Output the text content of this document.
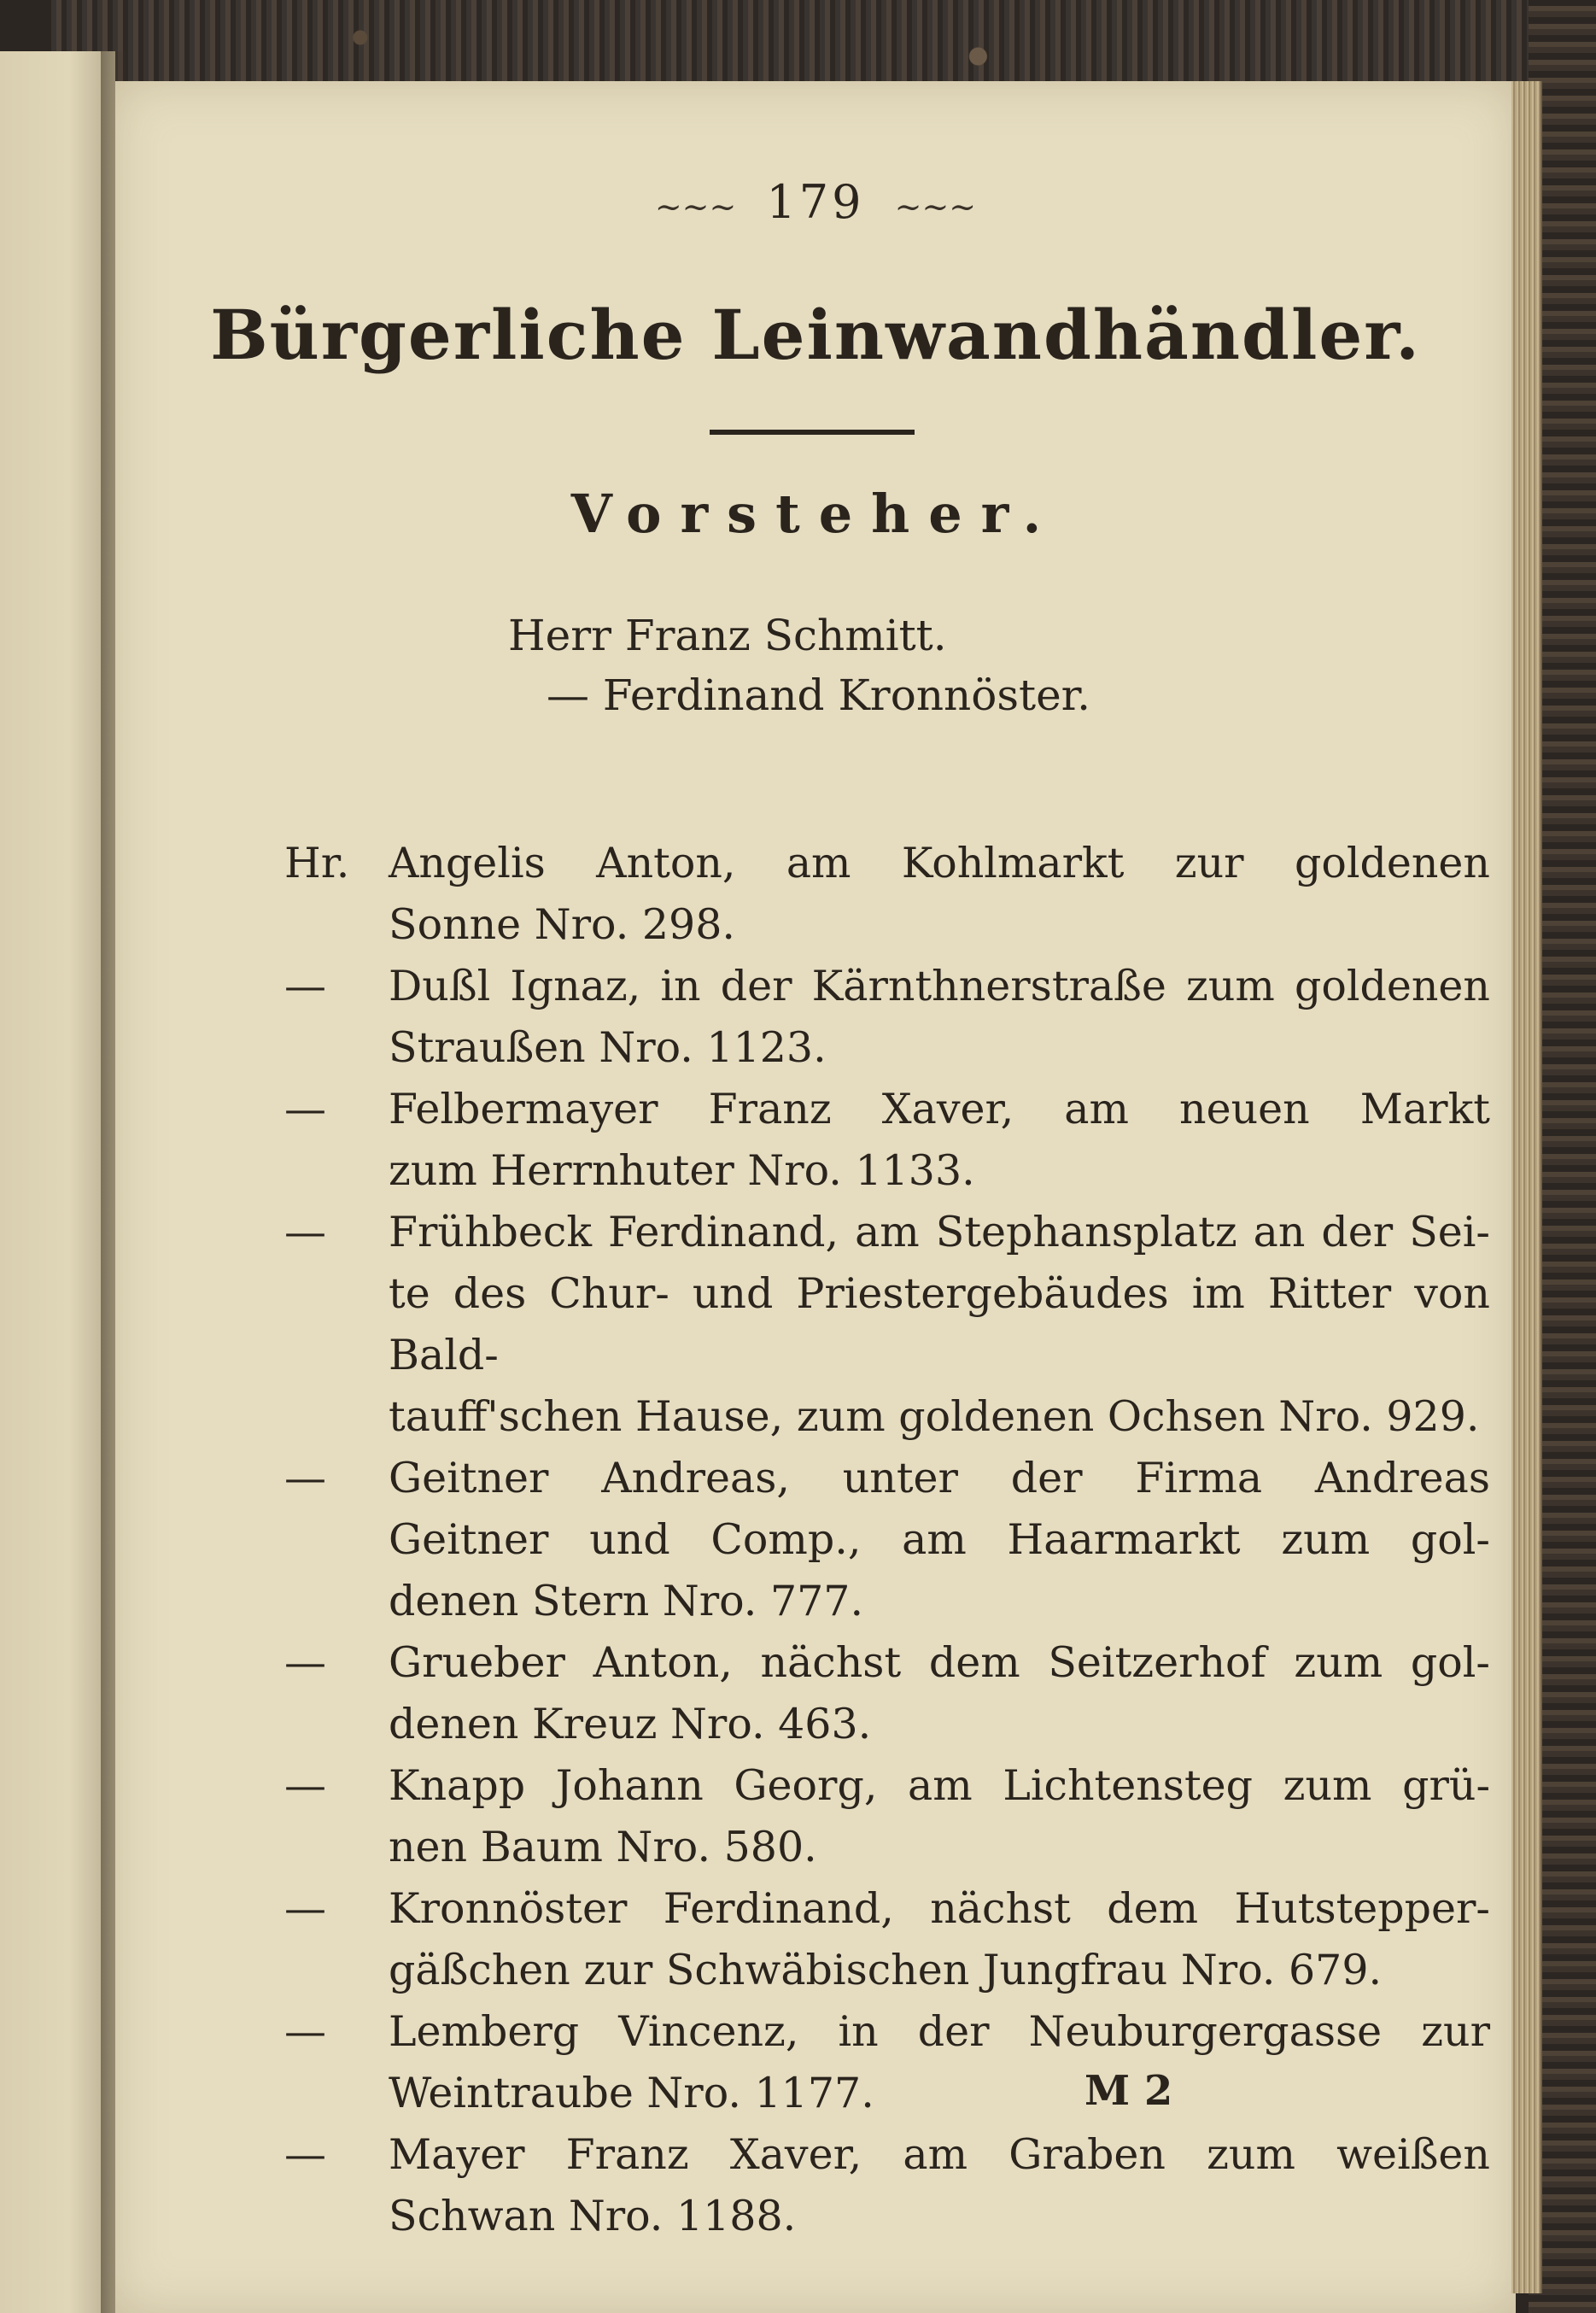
~~~ 179 ~~~
Bürgerliche Leinwandhändler.
Vorsteher.
Herr Franz Schmitt.
— Ferdinand Kronnöster.
Hr. Angelis Anton, am Kohlmarkt zur goldenen
Sonne Nro. 298.
— Dußl Ignaz, in der Kärnthnerstraße zum goldenen
Straußen Nro. 1123.
— Felbermayer Franz Xaver, am neuen Markt
zum Herrnhuter Nro. 1133.
— Frühbeck Ferdinand, am Stephansplatz an der Sei-
te des Chur- und Priestergebäudes im Ritter von Bald-
tauff'schen Hause, zum goldenen Ochsen Nro. 929.
— Geitner Andreas, unter der Firma Andreas
Geitner und Comp., am Haarmarkt zum gol-
denen Stern Nro. 777.
— Grueber Anton, nächst dem Seitzerhof zum gol-
denen Kreuz Nro. 463.
— Knapp Johann Georg, am Lichtensteg zum grü-
nen Baum Nro. 580.
— Kronnöster Ferdinand, nächst dem Hutstepper-
gäßchen zur Schwäbischen Jungfrau Nro. 679.
— Lemberg Vincenz, in der Neuburgergasse zur
Weintraube Nro. 1177.
— Mayer Franz Xaver, am Graben zum weißen
Schwan Nro. 1188.
M 2
